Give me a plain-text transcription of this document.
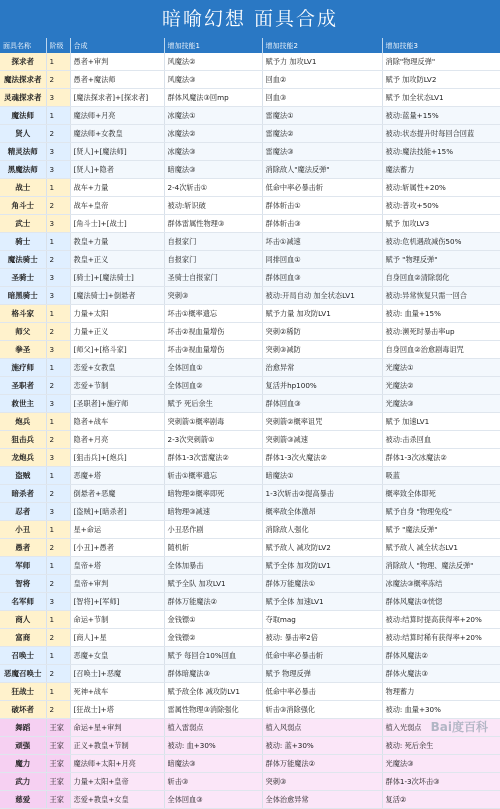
暗喻幻想 面具合成
面具名称	阶级	合成	增加技能1	增加技能2	增加技能3
探求者	1	愚者+审判	风魔法②	赋予力 加攻LV1	消除"物理反弹"
魔法探求者	2	愚者+魔法师	风魔法③	回血②	赋予 加攻防LV2
灵魂探求者	3	[魔法探求者]+[探求者]	群体风魔法③回mp	回血③	赋予 加全状态LV1
魔法师	1	魔法师+月亮	冰魔法①	雷魔法①	被动:蓝量+15%
贤人	2	魔法师+女教皇	冰魔法②	雷魔法②	被动:状态提升时每回合回蓝
精灵法师	3	[贤人]+[魔法师]	冰魔法③	雷魔法③	被动:魔法技能+15%
黑魔法师	3	[贤人]+隐者	暗魔法③	消除敌人"魔法反弹"	魔法蓄力
战士	1	战车+力量	2-4次斩击①	低命中率必暴击斩	被动:斩属性+20%
角斗士	2	战车+皇帝	被动:斩识破	群体斩击①	被动:普攻+50%
武士	3	[角斗士]+[战士]	群体雷属性物理③	群体斩击③	赋予 加攻LV3
骑士	1	教皇+力量	自报家门	坏击①减速	被动:危机遇敌减伤50%
魔法骑士	2	教皇+正义	自报家门	同排回血①	赋予 "物理反弹"
圣骑士	3	[骑士]+[魔法骑士]	圣骑士自报家门	群体回血③	自身回血②清除弱化
暗黑骑士	3	[魔法骑士]+倒悬者	突刺③	被动:开局自动 加全状态LV1	被动:异常恢复只需一回合
格斗家	1	力量+太阳	坏击①概率遗忘	赋予力量 加攻防LV1	被动: 血量+15%
师父	2	力量+正义	坏击②视血量增伤	突刺②稀防	被动:濒死时暴击率up
拳圣	3	[师父]+[格斗家]	坏击③视血量增伤	突刺③减防	自身回血②治愈剧毒诅咒
施疗师	1	恋爱+女教皇	全体回血①	治愈异常	光魔法①
圣职者	2	恋爱+节制	全体回血②	复活并hp100%	光魔法②
救世主	3	[圣职者]+施疗师	赋予 死后余生	群体回血③	光魔法③
炮兵	1	隐者+战车	突刺箭①概率剧毒	突刺箭②概率诅咒	赋予 加速LV1
狙击兵	2	隐者+月亮	2-3次突刺箭①	突刺箭③减速	被动:击杀回血
龙炮兵	3	[狙击兵]+[炮兵]	群体1-3次雷魔法②	群体1-3次火魔法②	群体1-3次冰魔法②
盗贼	1	恶魔+塔	斩击①概率遗忘	暗魔法①	吸蓝
暗杀者	2	倒悬者+恶魔	暗物理②概率即死	1-3次斩击②提高暴击	概率致全体即死
忍者	3	[盗贼]+[暗杀者]	暗物理③减速	概率敌全体激昂	赋予自身 "物理免疫"
小丑	1	星+命运	小丑恶作剧	消除敌人强化	赋予 "魔法反弹"
愚者	2	[小丑]+愚者	随机斩	赋予敌人 减攻防LV2	赋予敌人 减全状态LV1
军师	1	皇帝+塔	全体加暴击	赋予全体 加攻防LV1	消除敌人 "物理、魔法反弹"
智将	2	皇帝+审判	赋予全队 加攻LV1	群体万能魔法①	冰魔法③概率冻结
名军师	3	[智将]+[军师]	群体万能魔法②	赋予全体 加速LV1	群体风魔法③恍惚
商人	1	命运+节制	金钱镖①	夺取mag	被动:结算时提高获得率+20%
富商	2	[商人]+星	金钱镖②	被动: 暴击率2倍	被动:结算时稀有获得率+20%
召唤士	1	恶魔+女皇	赋予 每回合10%回血	低命中率必暴击斩	群体风魔法②
恶魔召唤士	2	[召唤士]+恶魔	群体暗魔法③	赋予 物理反弹	群体火魔法③
狂战士	1	死神+战车	赋予敌全体 减攻防LV1	低命中率必暴击	物理蓄力
破坏者	2	[狂战士]+塔	雷属性物理③消除强化	斩击③消除强化	被动: 血量+30%
舞蹈	王家	命运+星+审判	植入雷弱点	植入风弱点	植入光弱点
顽强	王家	正义+教皇+节制	被动: 血+30%	被动: 蓝+30%	被动: 死后余生
魔力	王家	魔法师+太阳+月亮	暗魔法③	群体万能魔法②	光魔法③
武力	王家	力量+太阳+皇帝	斩击③	突刺③	群体1-3次坏击③
慈爱	王家	恋爱+教皇+女皇	全体回血③	全体治愈异常	复活②
Bai度百科
